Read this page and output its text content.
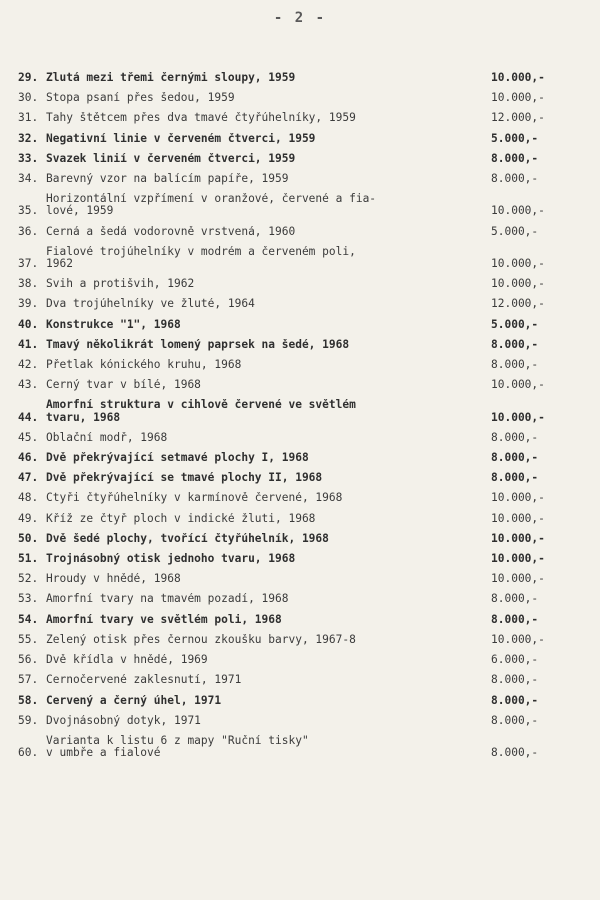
- 2 -
29. Žlutá mezi třemi černými sloupy, 1959	10.000,-
30. Stopa psaní přes šedou, 1959	10.000,-
31. Tahy štětcem přes dva tmavé čtyřúhelníky, 1959	12.000,-
32. Negativní linie v červeném čtverci, 1959	5.000,-
33. Svazek linií v červeném čtverci, 1959	8.000,-
34. Barevný vzor na balícím papíře, 1959	8.000,-
35.
Horizontální vzpřímení v oranžové, červené a fia-
lové, 1959	10.000,-
36. Černá a šedá vodorovně vrstvená, 1960	5.000,-
37.
Fialové trojúhelníky v modrém a červeném poli,
1962	10.000,-
38. Švih a protišvih, 1962	10.000,-
39. Dva trojúhelníky ve žluté, 1964	12.000,-
40. Konstrukce "1", 1968	5.000,-
41. Tmavý několikrát lomený paprsek na šedé, 1968	8.000,-
42. Přetlak kónického kruhu, 1968	8.000,-
43. Černý tvar v bílé, 1968	10.000,-
44.
Amorfní struktura v cihlově červené ve světlém
tvaru, 1968	10.000,-
45. Oblační modř, 1968	8.000,-
46. Dvě překrývající setmavé plochy I, 1968	8.000,-
47. Dvě překrývající se tmavé plochy II, 1968	8.000,-
48. Čtyři čtyřúhelníky v karmínově červené, 1968	10.000,-
49. Kříž ze čtyř ploch v indické žluti, 1968	10.000,-
50. Dvě šedé plochy, tvořící čtyřúhelník, 1968	10.000,-
51. Trojnásobný otisk jednoho tvaru, 1968	10.000,-
52. Hroudy v hnědé, 1968	10.000,-
53. Amorfní tvary na tmavém pozadí, 1968	8.000,-
54. Amorfní tvary ve světlém poli, 1968	8.000,-
55. Zelený otisk přes černou zkoušku barvy, 1967-8	10.000,-
56. Dvě křídla v hnědé, 1969	6.000,-
57. Černočervené zaklesnutí, 1971	8.000,-
58. Červený a černý úhel, 1971	8.000,-
59. Dvojnásobný dotyk, 1971	8.000,-
60.
Varianta k listu 6 z mapy "Ruční tisky"
v umbře a fialové	8.000,-
